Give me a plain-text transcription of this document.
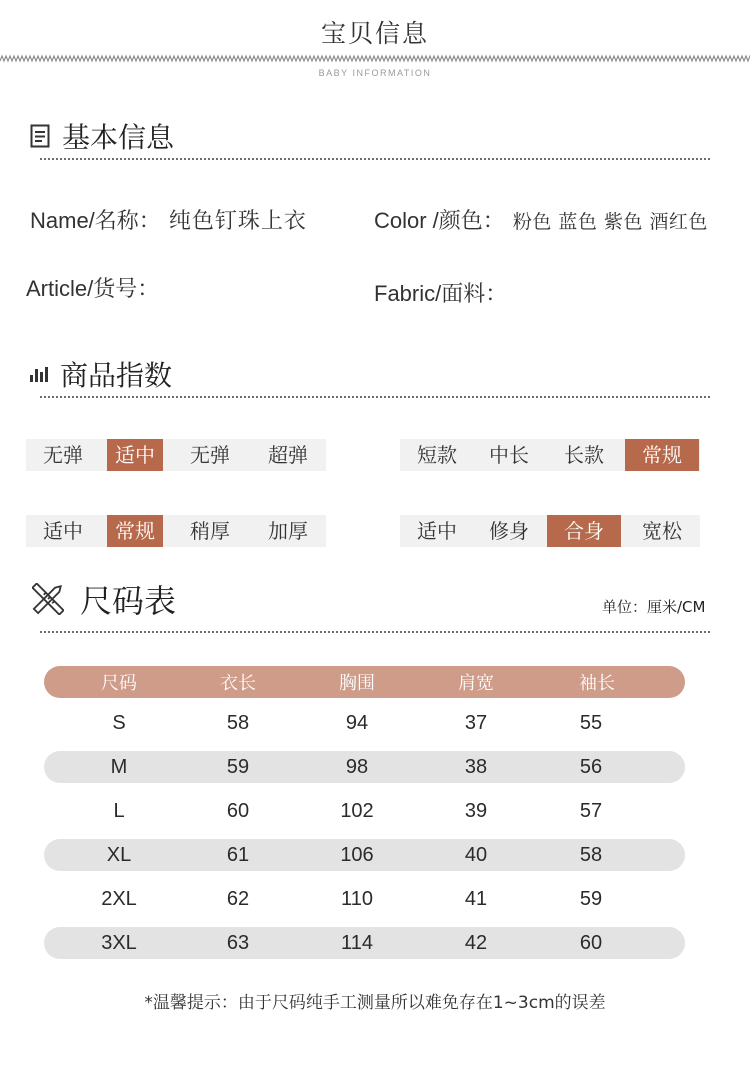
宝贝信息
BABY INFORMATION
基本信息
Name/名称： 纯色钉珠上衣	Color /颜色： 粉色 蓝色 紫色 酒红色
Article/货号：	Fabric/面料：
商品指数
无弹	适中	无弹	超弹	短款	中长	长款	常规
适中	常规	稍厚	加厚	适中	修身	合身	宽松
尺码表	单位：厘米/CM
尺码	衣长	胸围	肩宽	袖长
S	58	94	37	55
M	59	98	38	56
L	60	102	39	57
XL	61	106	40	58
2XL	62	110	41	59
3XL	63	114	42	60
*温馨提示：由于尺码纯手工测量所以难免存在1~3cm的误差
